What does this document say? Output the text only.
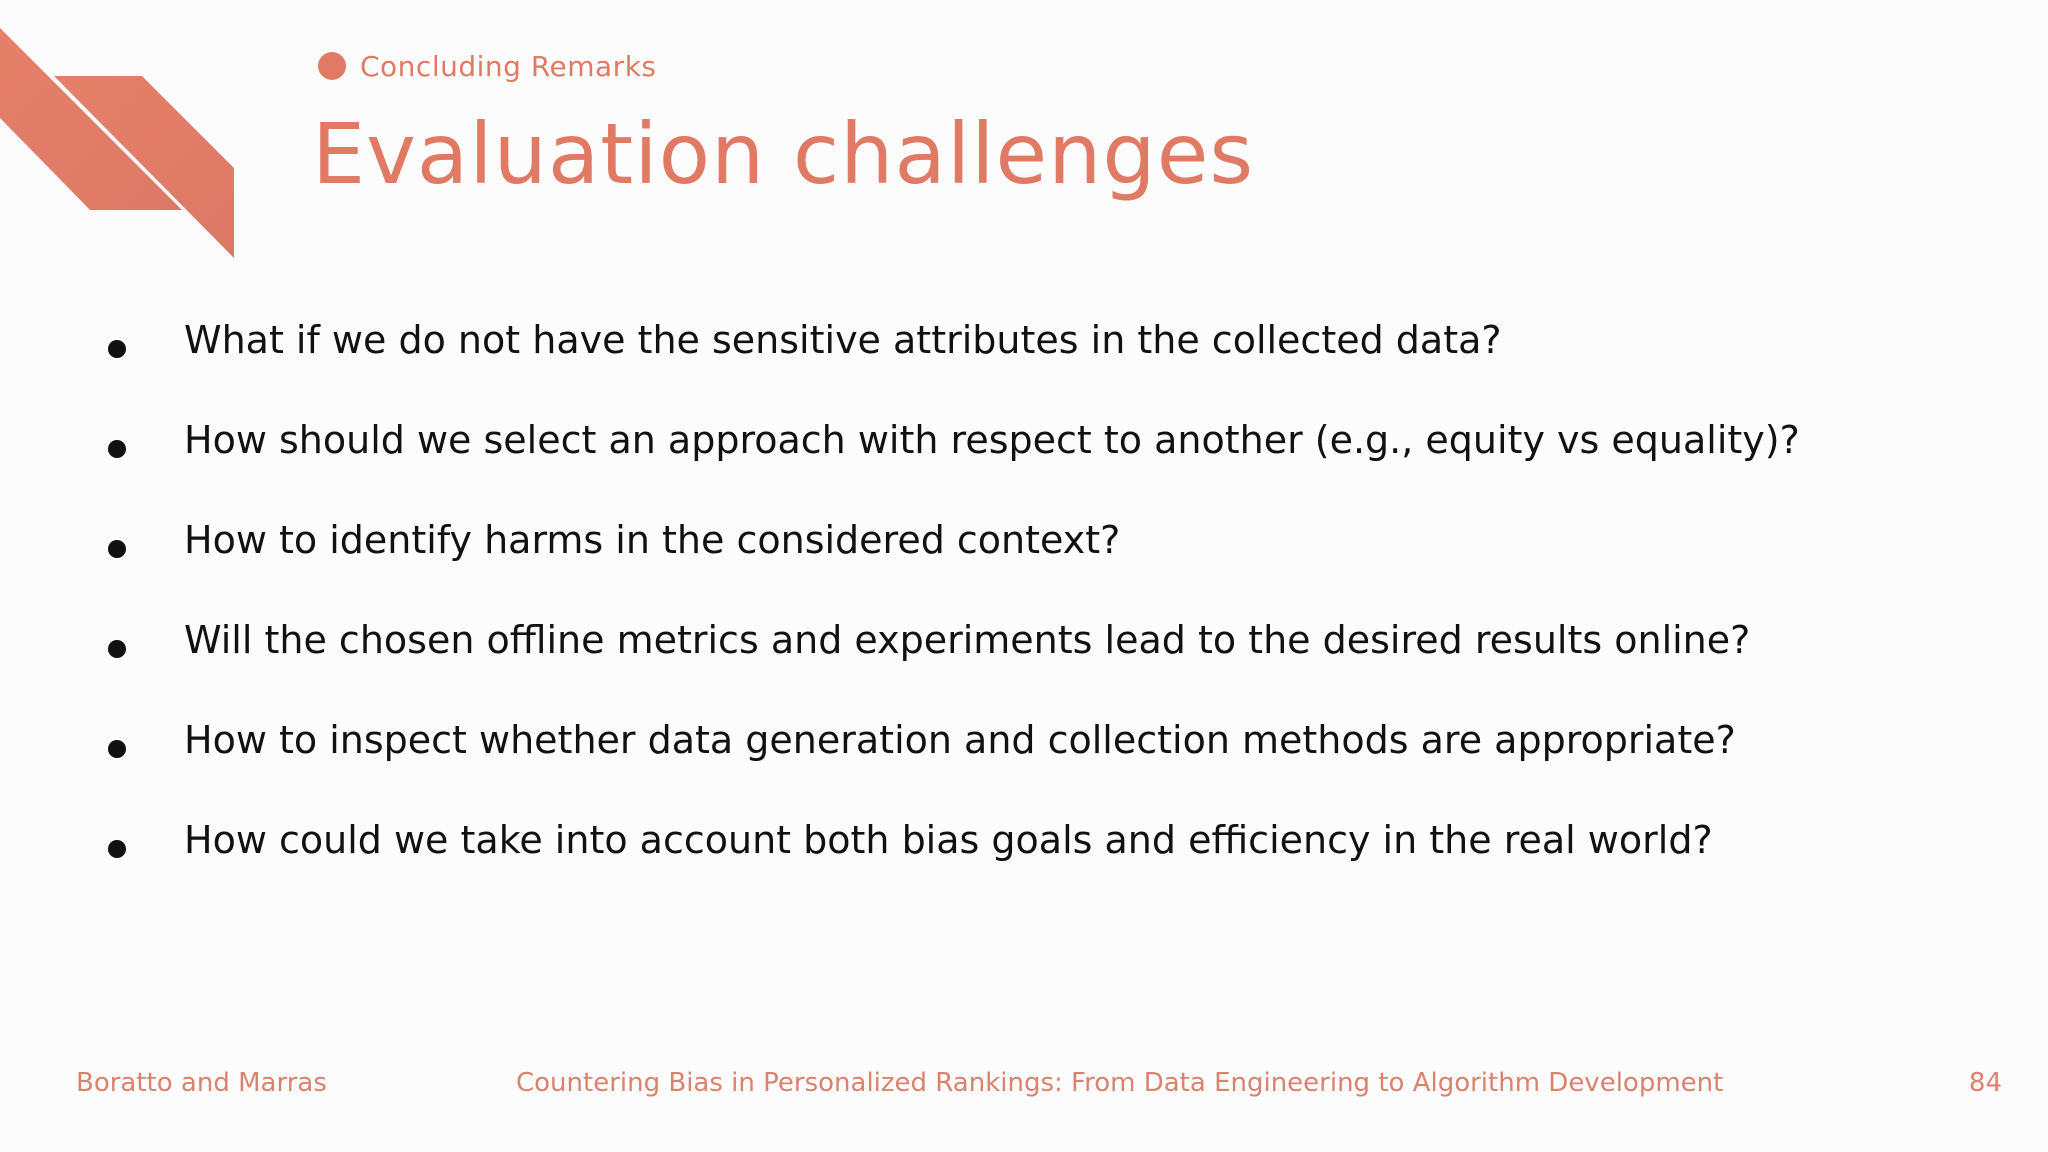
Concluding Remarks
Evaluation challenges
What if we do not have the sensitive attributes in the collected data?
How should we select an approach with respect to another (e.g., equity vs equality)?
How to identify harms in the considered context?
Will the chosen offline metrics and experiments lead to the desired results online?
How to inspect whether data generation and collection methods are appropriate?
How could we take into account both bias goals and efficiency in the real world?
Boratto and Marras	Countering Bias in Personalized Rankings: From Data Engineering to Algorithm Development	84
